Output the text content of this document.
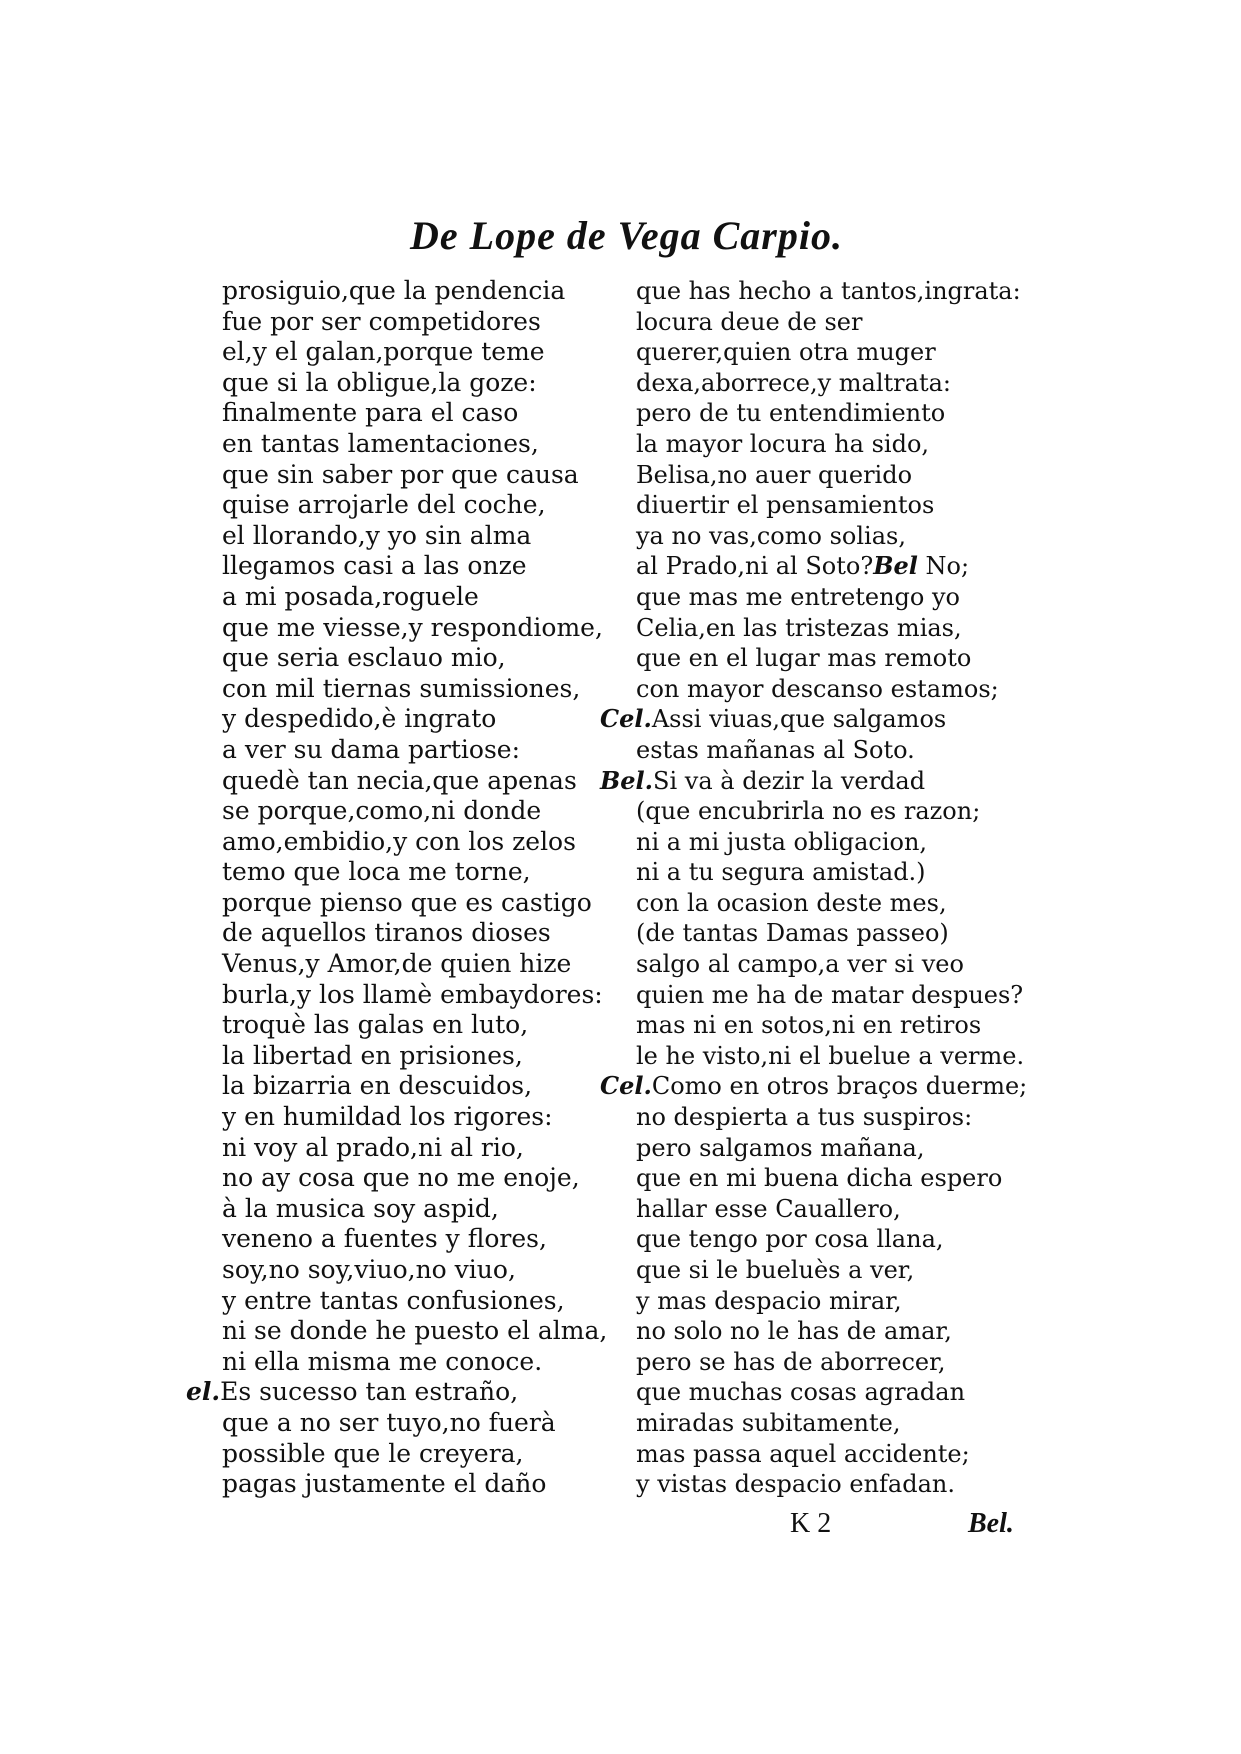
De Lope de Vega Carpio.
prosiguio,que la pendencia
fue por ser competidores
el,y el galan,porque teme
que si la obligue,la goze:
finalmente para el caso
en tantas lamentaciones,
que sin saber por que causa
quise arrojarle del coche,
el llorando,y yo sin alma
llegamos casi a las onze
a mi posada,roguele
que me viesse,y respondiome,
que seria esclauo mio,
con mil tiernas sumissiones,
y despedido,è ingrato
a ver su dama partiose:
quedè tan necia,que apenas
se porque,como,ni donde
amo,embidio,y con los zelos
temo que loca me torne,
porque pienso que es castigo
de aquellos tiranos dioses
Venus,y Amor,de quien hize
burla,y los llamè embaydores:
troquè las galas en luto,
la libertad en prisiones,
la bizarria en descuidos,
y en humildad los rigores:
ni voy al prado,ni al rio,
no ay cosa que no me enoje,
à la musica soy aspid,
veneno a fuentes y flores,
soy,no soy,viuo,no viuo,
y entre tantas confusiones,
ni se donde he puesto el alma,
ni ella misma me conoce.
el.Es sucesso tan estraño,
que a no ser tuyo,no fuerà
possible que le creyera,
pagas justamente el daño
que has hecho a tantos,ingrata:
locura deue de ser
querer,quien otra muger
dexa,aborrece,y maltrata:
pero de tu entendimiento
la mayor locura ha sido,
Belisa,no auer querido
diuertir el pensamientos
ya no vas,como solias,
al Prado,ni al Soto?Bel No;
que mas me entretengo yo
Celia,en las tristezas mias,
que en el lugar mas remoto
con mayor descanso estamos;
Cel.Assi viuas,que salgamos
estas mañanas al Soto.
Bel.Si va à dezir la verdad
(que encubrirla no es razon;
ni a mi justa obligacion,
ni a tu segura amistad.)
con la ocasion deste mes,
(de tantas Damas passeo)
salgo al campo,a ver si veo
quien me ha de matar despues?
mas ni en sotos,ni en retiros
le he visto,ni el buelue a verme.
Cel.Como en otros braços duerme;
no despierta a tus suspiros:
pero salgamos mañana,
que en mi buena dicha espero
hallar esse Cauallero,
que tengo por cosa llana,
que si le bueluès a ver,
y mas despacio mirar,
no solo no le has de amar,
pero se has de aborrecer,
que muchas cosas agradan
miradas subitamente,
mas passa aquel accidente;
y vistas despacio enfadan.
K 2	Bel.
